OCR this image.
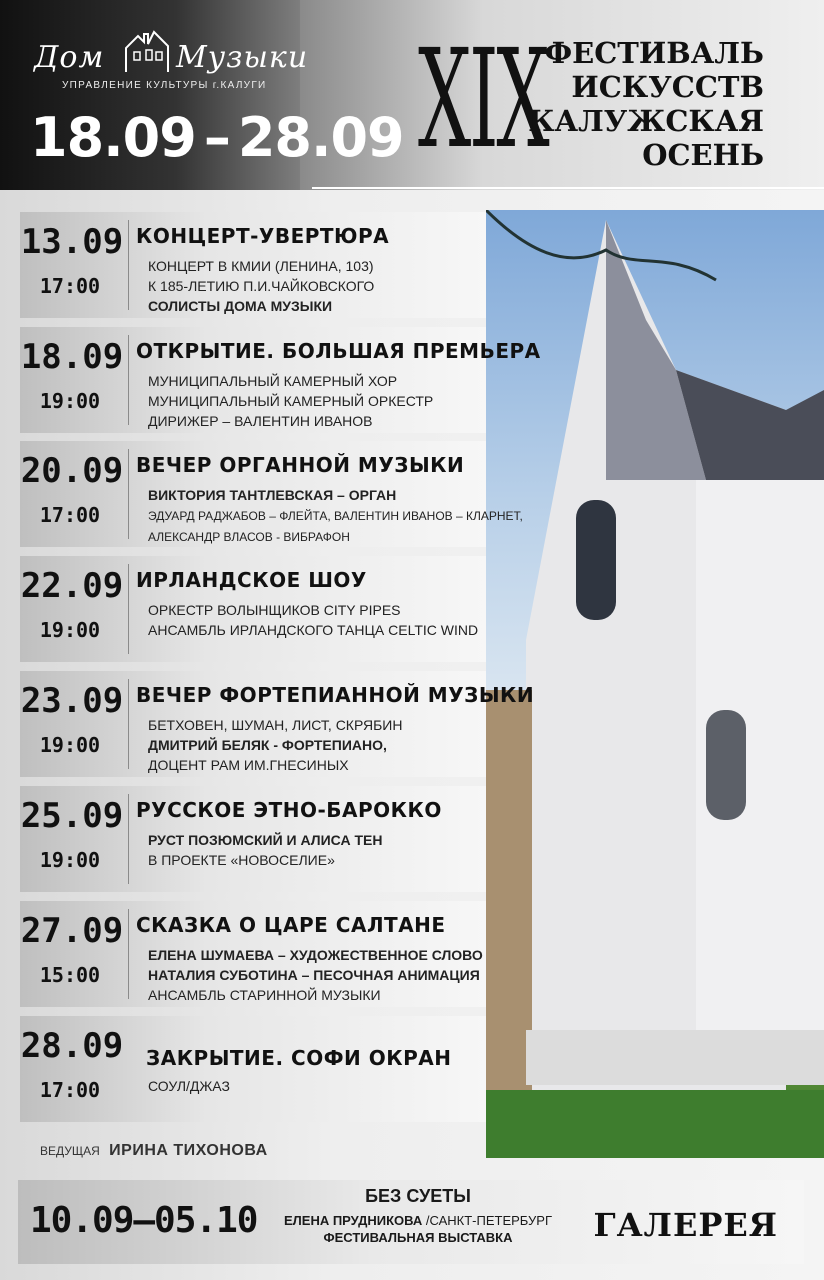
Дом Музыки
УПРАВЛЕНИЕ КУЛЬТУРЫ г.КАЛУГИ
18.09 – 28.09 XIX
ФЕСТИВАЛЬ
ИСКУССТВ
КАЛУЖСКАЯ
ОСЕНЬ
13.09
17:00
КОНЦЕРТ-УВЕРТЮРА
КОНЦЕРТ В КМИИ (ЛЕНИНА, 103)
К 185-ЛЕТИЮ П.И.ЧАЙКОВСКОГО
СОЛИСТЫ ДОМА МУЗЫКИ
18.09
19:00
ОТКРЫТИЕ. БОЛЬШАЯ ПРЕМЬЕРА
МУНИЦИПАЛЬНЫЙ КАМЕРНЫЙ ХОР
МУНИЦИПАЛЬНЫЙ КАМЕРНЫЙ ОРКЕСТР
ДИРИЖЕР – ВАЛЕНТИН ИВАНОВ
20.09
17:00
ВЕЧЕР ОРГАННОЙ МУЗЫКИ
ВИКТОРИЯ ТАНТЛЕВСКАЯ – ОРГАН
ЭДУАРД РАДЖАБОВ – ФЛЕЙТА, ВАЛЕНТИН ИВАНОВ – КЛАРНЕТ,
АЛЕКСАНДР ВЛАСОВ - ВИБРАФОН
22.09
19:00
ИРЛАНДСКОЕ ШОУ
ОРКЕСТР ВОЛЫНЩИКОВ CITY PIPES
АНСАМБЛЬ ИРЛАНДСКОГО ТАНЦА CELTIC WIND
23.09
19:00
ВЕЧЕР ФОРТЕПИАННОЙ МУЗЫКИ
БЕТХОВЕН, ШУМАН, ЛИСТ, СКРЯБИН
ДМИТРИЙ БЕЛЯК - ФОРТЕПИАНО,
ДОЦЕНТ РАМ ИМ.ГНЕСИНЫХ
25.09
19:00
РУССКОЕ ЭТНО-БАРОККО
РУСТ ПОЗЮМСКИЙ И АЛИСА ТЕН
В ПРОЕКТЕ «НОВОСЕЛИЕ»
27.09
15:00
СКАЗКА О ЦАРЕ САЛТАНЕ
ЕЛЕНА ШУМАЕВА – ХУДОЖЕСТВЕННОЕ СЛОВО
НАТАЛИЯ СУБОТИНА – ПЕСОЧНАЯ АНИМАЦИЯ
АНСАМБЛЬ СТАРИННОЙ МУЗЫКИ
28.09
17:00
ЗАКРЫТИЕ. СОФИ ОКРАН
СОУЛ/ДЖАЗ
ВЕДУЩАЯ ИРИНА ТИХОНОВА
10.09–05.10
БЕЗ СУЕТЫ
ЕЛЕНА ПРУДНИКОВА /САНКТ-ПЕТЕРБУРГ
ФЕСТИВАЛЬНАЯ ВЫСТАВКА	ГАЛЕРЕЯ
